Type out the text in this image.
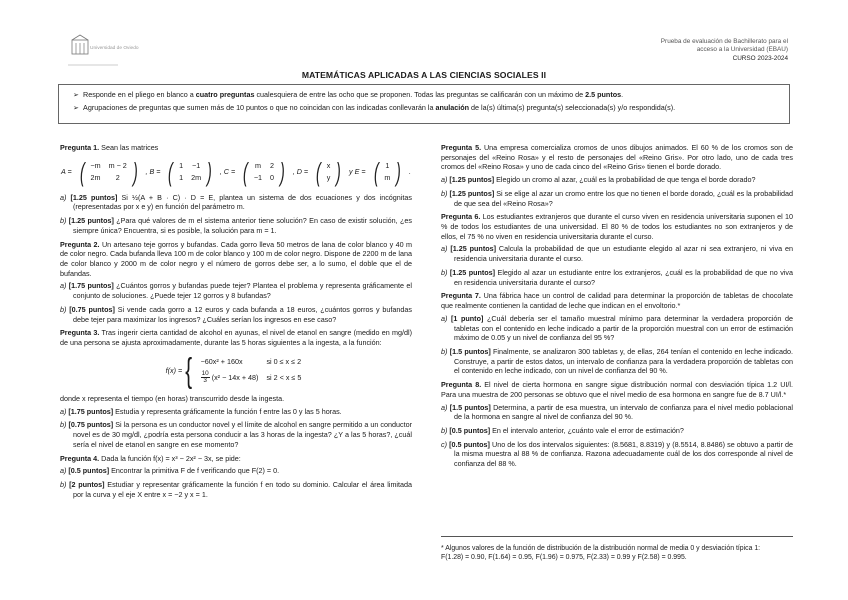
Universidad de Oviedo
Prueba de evaluación de Bachillerato para el
acceso a la Universidad (EBAU)
CURSO 2023-2024
MATEMÁTICAS APLICADAS A LAS CIENCIAS SOCIALES II

➢  Responde en el pliego en blanco a cuatro preguntas cualesquiera de entre las ocho que se proponen. Todas las preguntas se calificarán con un máximo de 2.5 puntos.

➢  Agrupaciones de preguntas que sumen más de 10 puntos o que no coincidan con las indicadas conllevarán la anulación de la(s) última(s) pregunta(s) seleccionada(s) y/o respondida(s).

Pregunta 1. Sean las matrices
A = ( −m	m − 2
2m	2 ) , B = ( 1	−1
1	2m ) , C = ( m	2
−1	0 ) , D = ( x
y ) y E = ( 1
m ) .
a) [1.25 puntos] Si ½(A + B · C) · D = E, plantea un sistema de dos ecuaciones y dos incógnitas (representadas por x e y) en función del parámetro m.
b) [1.25 puntos] ¿Para qué valores de m el sistema anterior tiene solución? En caso de existir solución, ¿es siempre única? Encuentra, si es posible, la solución para m = 1.
Pregunta 2. Un artesano teje gorros y bufandas. Cada gorro lleva 50 metros de lana de color blanco y 40 m de color negro. Cada bufanda lleva 100 m de color blanco y 100 m de color negro. Dispone de 2200 m de lana de color blanco y 2000 m de color negro y el número de gorros debe ser, a lo sumo, el doble que el de bufandas.
a) [1.75 puntos] ¿Cuántos gorros y bufandas puede tejer? Plantea el problema y representa gráficamente el conjunto de soluciones. ¿Puede tejer 12 gorros y 8 bufandas?
b) [0.75 puntos] Si vende cada gorro a 12 euros y cada bufanda a 18 euros, ¿cuántos gorros y bufandas debe tejer para maximizar los ingresos? ¿Cuáles serían los ingresos en ese caso?
Pregunta 3. Tras ingerir cierta cantidad de alcohol en ayunas, el nivel de etanol en sangre (medido en mg/dl) de una persona se ajusta aproximadamente, durante las 5 horas siguientes a la ingesta, a la función:
f(x) = { −60x² + 160x	si 0 ≤ x ≤ 2

$\frac{10}{3} (x^2 - 14x + 48)$	si 2 < x ≤ 5
donde x representa el tiempo (en horas) transcurrido desde la ingesta.
a) [1.75 puntos] Estudia y representa gráficamente la función f entre las 0 y las 5 horas.
b) [0.75 puntos] Si la persona es un conductor novel y el límite de alcohol en sangre permitido a un conductor novel es de 30 mg/dl, ¿podría esta persona conducir a las 3 horas de la ingesta? ¿Y a las 5 horas?, ¿cuál sería el nivel de etanol en sangre en ese momento?
Pregunta 4. Dada la función f(x) = x³ − 2x² − 3x, se pide:
a) [0.5 puntos] Encontrar la primitiva F de f verificando que F(2) = 0.
b) [2 puntos] Estudiar y representar gráficamente la función f en todo su dominio. Calcular el área limitada por la curva y el eje X entre x = −2 y x = 1.
Pregunta 5. Una empresa comercializa cromos de unos dibujos animados. El 60 % de los cromos son de personajes del «Reino Rosa» y el resto de personajes del «Reino Gris». Por otro lado, uno de cada tres cromos del «Reino Rosa» y uno de cada cinco del «Reino Gris» tienen el borde dorado.
a) [1.25 puntos] Elegido un cromo al azar, ¿cuál es la probabilidad de que tenga el borde dorado?
b) [1.25 puntos] Si se elige al azar un cromo entre los que no tienen el borde dorado, ¿cuál es la probabilidad de que sea del «Reino Rosa»?
Pregunta 6. Los estudiantes extranjeros que durante el curso viven en residencia universitaria suponen el 10 % de todos los estudiantes de una universidad. El 80 % de todos los estudiantes no son extranjeros y de ellos, el 75 % no viven en residencia universitaria durante el curso.
a) [1.25 puntos] Calcula la probabilidad de que un estudiante elegido al azar ni sea extranjero, ni viva en residencia universitaria durante el curso.
b) [1.25 puntos] Elegido al azar un estudiante entre los extranjeros, ¿cuál es la probabilidad de que no viva en residencia universitaria durante el curso?
Pregunta 7. Una fábrica hace un control de calidad para determinar la proporción de tabletas de chocolate que realmente contienen la cantidad de leche que indican en el envoltorio.*
a) [1 punto] ¿Cuál debería ser el tamaño muestral mínimo para determinar la verdadera proporción de tabletas con el contenido en leche indicado a partir de la proporción muestral con un error de estimación máximo de 0.05 y un nivel de confianza del 95 %?
b) [1.5 puntos] Finalmente, se analizaron 300 tabletas y, de ellas, 264 tenían el contenido en leche indicado. Construye, a partir de estos datos, un intervalo de confianza para la verdadera proporción de tabletas con el contenido en leche indicado, con un nivel de confianza del 90 %.
Pregunta 8. El nivel de cierta hormona en sangre sigue distribución normal con desviación típica 1.2 UI/l. Para una muestra de 200 personas se obtuvo que el nivel medio de esa hormona en sangre fue de 8.7 UI/l.*
a) [1.5 puntos] Determina, a partir de esa muestra, un intervalo de confianza para el nivel medio poblacional de la hormona en sangre al nivel de confianza del 90 %.
b) [0.5 puntos] En el intervalo anterior, ¿cuánto vale el error de estimación?
c) [0.5 puntos] Uno de los dos intervalos siguientes: (8.5681, 8.8319) y (8.5514, 8.8486) se obtuvo a partir de la misma muestra al 88 % de confianza. Razona adecuadamente cuál de los dos corresponde al nivel de confianza del 88 %.
* Algunos valores de la función de distribución de la distribución normal de media 0 y desviación típica 1:
F(1.28) = 0.90, F(1.64) = 0.95, F(1.96) = 0.975, F(2.33) = 0.99 y F(2.58) = 0.995.
